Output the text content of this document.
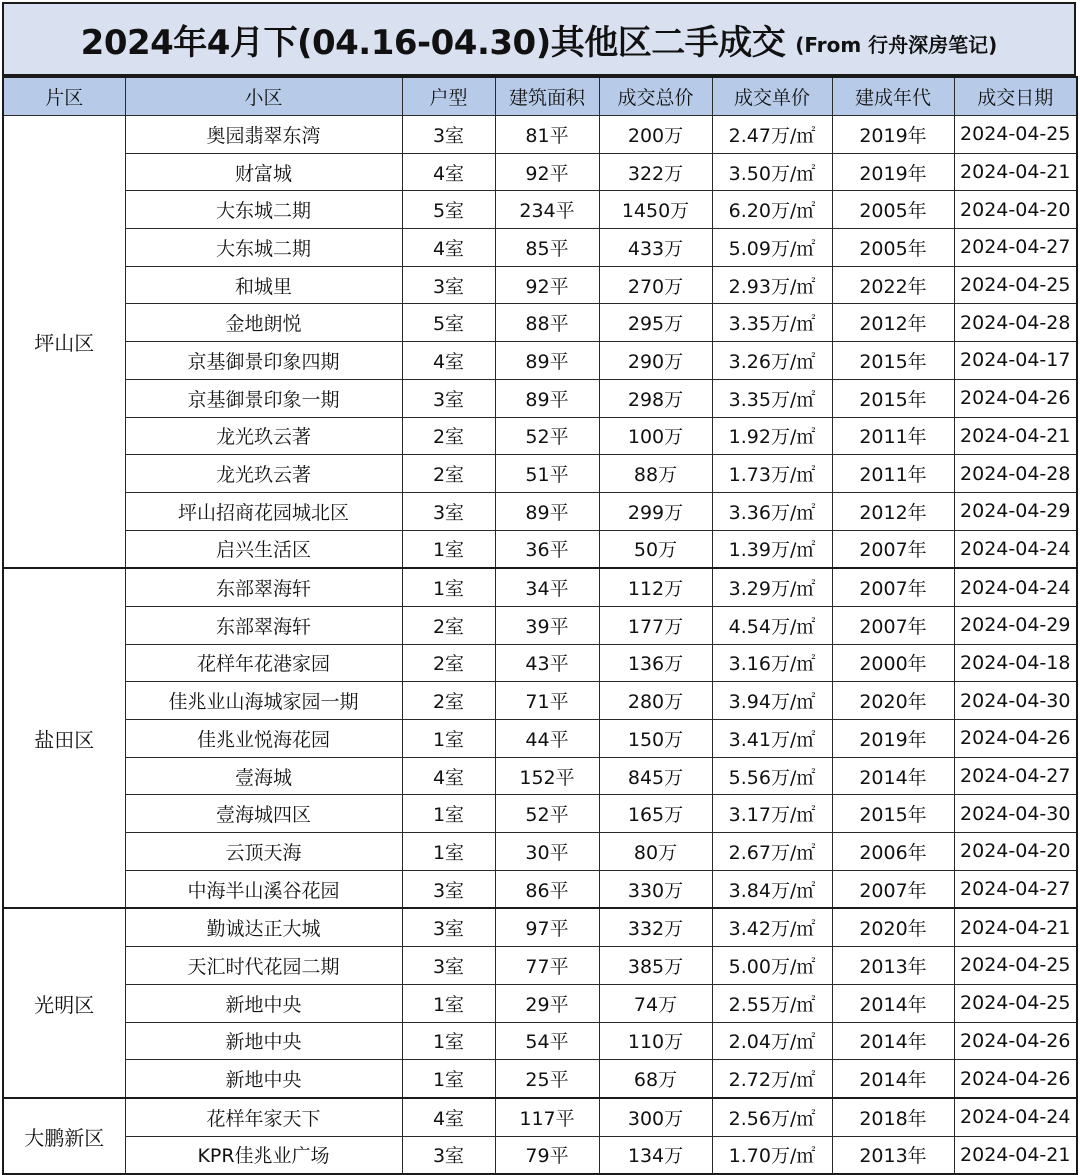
2024年4月下(04.16-04.30)其他区二手成交 (From 行舟深房笔记)
片区	小区	户型	建筑面积	成交总价	成交单价	建成年代	成交日期
坪山区	奥园翡翠东湾	3室	81平	200万	2.47万/㎡	2019年	2024-04-25
	财富城	4室	92平	322万	3.50万/㎡	2019年	2024-04-21
	大东城二期	5室	234平	1450万	6.20万/㎡	2005年	2024-04-20
	大东城二期	4室	85平	433万	5.09万/㎡	2005年	2024-04-27
	和城里	3室	92平	270万	2.93万/㎡	2022年	2024-04-25
	金地朗悦	5室	88平	295万	3.35万/㎡	2012年	2024-04-28
	京基御景印象四期	4室	89平	290万	3.26万/㎡	2015年	2024-04-17
	京基御景印象一期	3室	89平	298万	3.35万/㎡	2015年	2024-04-26
	龙光玖云著	2室	52平	100万	1.92万/㎡	2011年	2024-04-21
	龙光玖云著	2室	51平	88万	1.73万/㎡	2011年	2024-04-28
	坪山招商花园城北区	3室	89平	299万	3.36万/㎡	2012年	2024-04-29
	启兴生活区	1室	36平	50万	1.39万/㎡	2007年	2024-04-24
盐田区	东部翠海轩	1室	34平	112万	3.29万/㎡	2007年	2024-04-24
	东部翠海轩	2室	39平	177万	4.54万/㎡	2007年	2024-04-29
	花样年花港家园	2室	43平	136万	3.16万/㎡	2000年	2024-04-18
	佳兆业山海城家园一期	2室	71平	280万	3.94万/㎡	2020年	2024-04-30
	佳兆业悦海花园	1室	44平	150万	3.41万/㎡	2019年	2024-04-26
	壹海城	4室	152平	845万	5.56万/㎡	2014年	2024-04-27
	壹海城四区	1室	52平	165万	3.17万/㎡	2015年	2024-04-30
	云顶天海	1室	30平	80万	2.67万/㎡	2006年	2024-04-20
	中海半山溪谷花园	3室	86平	330万	3.84万/㎡	2007年	2024-04-27
光明区	勤诚达正大城	3室	97平	332万	3.42万/㎡	2020年	2024-04-21
	天汇时代花园二期	3室	77平	385万	5.00万/㎡	2013年	2024-04-25
	新地中央	1室	29平	74万	2.55万/㎡	2014年	2024-04-25
	新地中央	1室	54平	110万	2.04万/㎡	2014年	2024-04-26
	新地中央	1室	25平	68万	2.72万/㎡	2014年	2024-04-26
大鹏新区	花样年家天下	4室	117平	300万	2.56万/㎡	2018年	2024-04-24
	KPR佳兆业广场	3室	79平	134万	1.70万/㎡	2013年	2024-04-21
